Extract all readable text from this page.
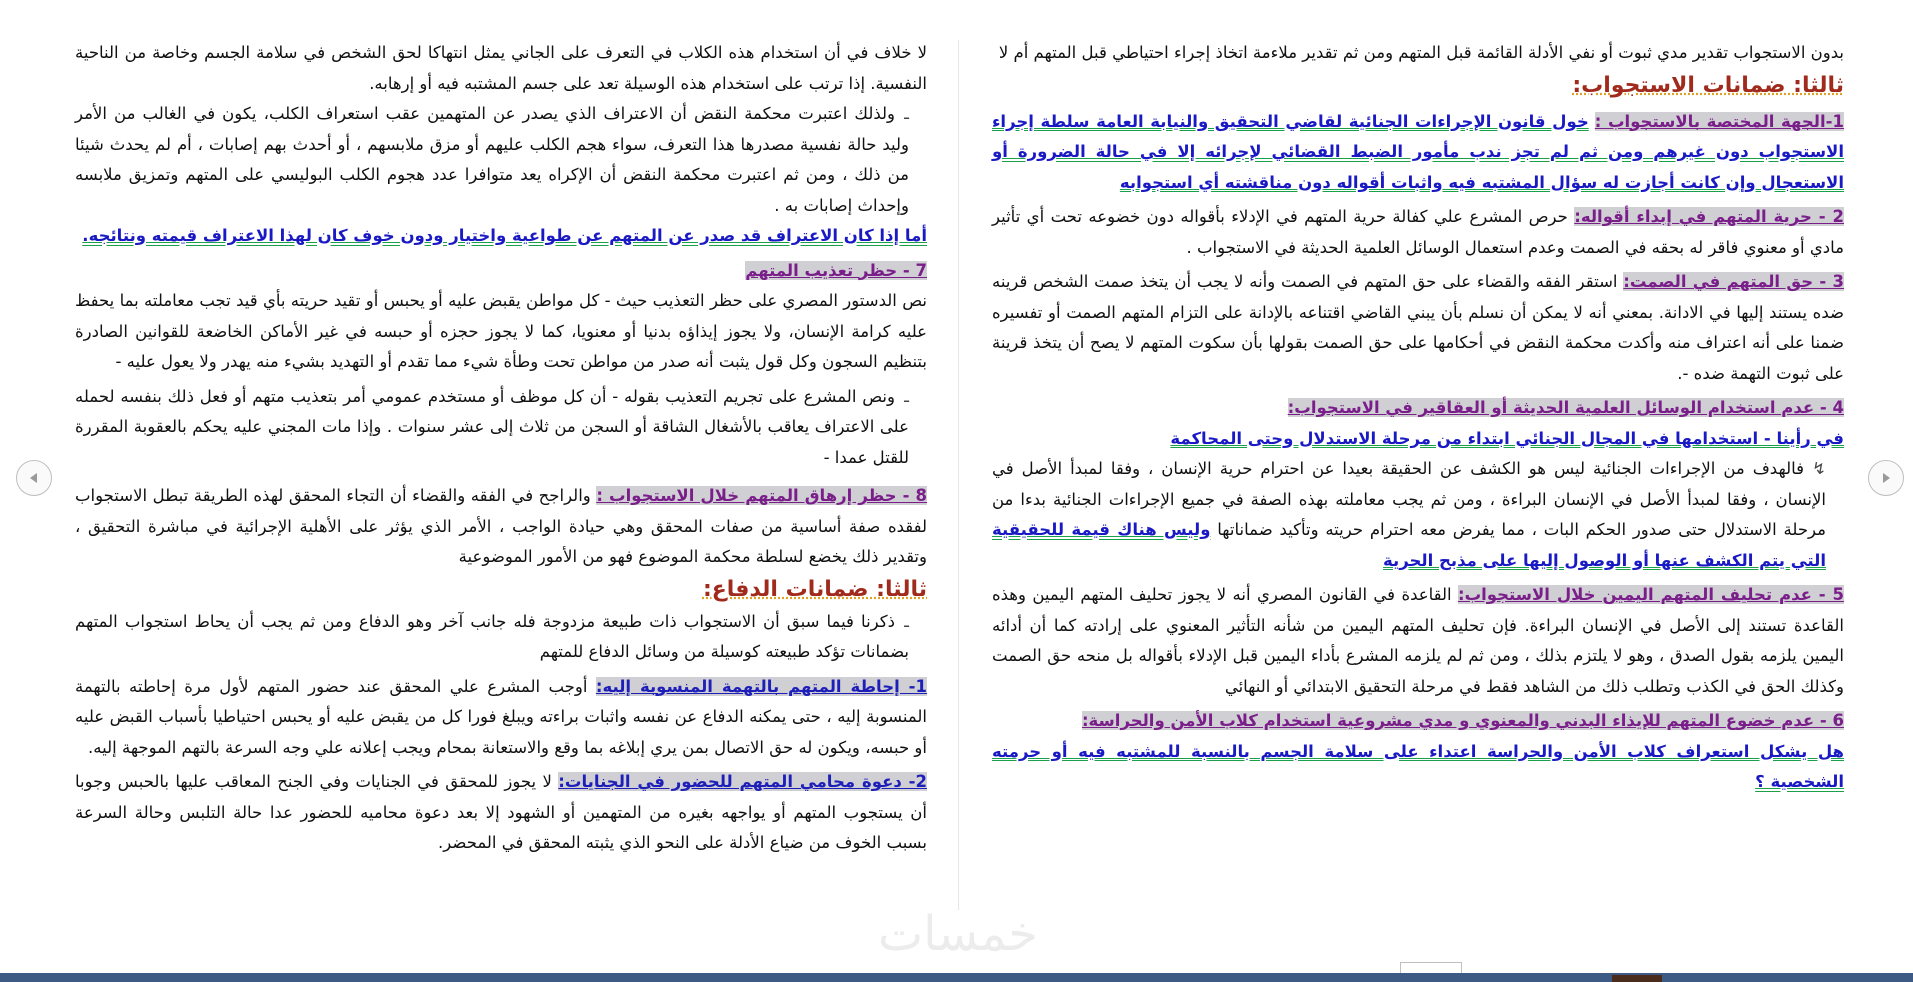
بدون الاستجواب تقدير مدي ثبوت أو نفي الأدلة القائمة قبل المتهم ومن ثم تقدير ملاءمة اتخاذ إجراء احتياطي قبل المتهم أم لا

ثالثا: ضمانات الاستجواب:

1-الجهة المختصة بالاستجواب : خول قانون الإجراءات الجنائية لقاضي التحقيق والنيابة العامة سلطة إجراء الاستجواب دون غيرهم ومن ثم لم تجز ندب مأمور الضبط القضائي لإجرائه إلا في حالة الضرورة أو الاستعجال وإن كانت أجازت له سؤال المشتبه فيه واثبات أقواله دون مناقشته أي استجوابه

2 - حرية المتهم في إبداء أقواله: حرص المشرع علي كفالة حرية المتهم في الإدلاء بأقواله دون خضوعه تحت أي تأثير مادي أو معنوي فاقر له بحقه في الصمت وعدم استعمال الوسائل العلمية الحديثة في الاستجواب .

3 - حق المتهم في الصمت: استقر الفقه والقضاء على حق المتهم في الصمت وأنه لا يجب أن يتخذ صمت الشخص قرينه ضده يستند إليها في الادانة. بمعني أنه لا يمكن أن نسلم بأن يبني القاضي اقتناعه بالإدانة على التزام المتهم الصمت أو تفسيره ضمنا على أنه اعتراف منه وأكدت محكمة النقض في أحكامها على حق الصمت بقولها بأن سكوت المتهم لا يصح أن يتخذ قرينة على ثبوت التهمة ضده -.

4 - عدم استخدام الوسائل العلمية الحديثة أو العقاقير في الاستجواب:

في رأينا - استخدامها في المجال الجنائي ابتداء من مرحلة الاستدلال وحتى المحاكمة

↯ فالهدف من الإجراءات الجنائية ليس هو الكشف عن الحقيقة بعيدا عن احترام حرية الإنسان ، وفقا لمبدأ الأصل في الإنسان ، وفقا لمبدأ الأصل في الإنسان البراءة ، ومن ثم يجب معاملته بهذه الصفة في جميع الإجراءات الجنائية بدءا من مرحلة الاستدلال حتى صدور الحكم البات ، مما يفرض معه احترام حريته وتأكيد ضماناتها وليس هناك قيمة للحقيقية التي يتم الكشف عنها أو الوصول إليها على مذبح الحرية

5 - عدم تحليف المتهم اليمين خلال الاستجواب: القاعدة في القانون المصري أنه لا يجوز تحليف المتهم اليمين وهذه القاعدة تستند إلى الأصل في الإنسان البراءة. فإن تحليف المتهم اليمين من شأنه التأثير المعنوي على إرادته كما أن أدائه اليمين يلزمه بقول الصدق ، وهو لا يلتزم بذلك ، ومن ثم لم يلزمه المشرع بأداء اليمين قبل الإدلاء بأقواله بل منحه حق الصمت وكذلك الحق في الكذب وتطلب ذلك من الشاهد فقط في مرحلة التحقيق الابتدائي أو النهائي

6 - عدم خضوع المتهم للإيذاء البدني والمعنوي و مدي مشروعية استخدام كلاب الأمن والحراسة:

هل يشكل استعراف كلاب الأمن والحراسة اعتداء على سلامة الجسم بالنسبة للمشتبه فيه أو حرمته الشخصية ؟

لا خلاف في أن استخدام هذه الكلاب في التعرف على الجاني يمثل انتهاكا لحق الشخص في سلامة الجسم وخاصة من الناحية النفسية. إذا ترتب على استخدام هذه الوسيلة تعد على جسم المشتبه فيه أو إرهابه.

ـولذلك اعتبرت محكمة النقض أن الاعتراف الذي يصدر عن المتهمين عقب استعراف الكلب، يكون في الغالب من الأمر وليد حالة نفسية مصدرها هذا التعرف، سواء هجم الكلب عليهم أو مزق ملابسهم ، أو أحدث بهم إصابات ، أم لم يحدث شيئا من ذلك ، ومن ثم اعتبرت محكمة النقض أن الإكراه يعد متوافرا عدد هجوم الكلب البوليسي على المتهم وتمزيق ملابسه وإحداث إصابات به .

أما إذا كان الاعتراف قد صدر عن المتهم عن طواعية واختيار ودون خوف كان لهذا الاعتراف قيمته ونتائجه.

7 - حظر تعذيب المتهم

نص الدستور المصري على حظر التعذيب حيث - كل مواطن يقبض عليه أو يحبس أو تقيد حريته بأي قيد تجب معاملته بما يحفظ عليه كرامة الإنسان، ولا يجوز إيذاؤه بدنيا أو معنويا، كما لا يجوز حجزه أو حبسه في غير الأماكن الخاضعة للقوانين الصادرة بتنظيم السجون وكل قول يثبت أنه صدر من مواطن تحت وطأة شيء مما تقدم أو التهديد بشيء منه يهدر ولا يعول عليه -

ـونص المشرع على تجريم التعذيب بقوله - أن كل موظف أو مستخدم عمومي أمر بتعذيب متهم أو فعل ذلك بنفسه لحمله على الاعتراف يعاقب بالأشغال الشاقة أو السجن من ثلاث إلى عشر سنوات . وإذا مات المجني عليه يحكم بالعقوبة المقررة للقتل عمدا -

8 - حظر إرهاق المتهم خلال الاستجواب : والراجح في الفقه والقضاء أن التجاء المحقق لهذه الطريقة تبطل الاستجواب لفقده صفة أساسية من صفات المحقق وهي حيادة الواجب ، الأمر الذي يؤثر على الأهلية الإجرائية في مباشرة التحقيق ، وتقدير ذلك يخضع لسلطة محكمة الموضوع فهو من الأمور الموضوعية

ثالثا: ضمانات الدفاع:

ـذكرنا فيما سبق أن الاستجواب ذات طبيعة مزدوجة فله جانب آخر وهو الدفاع ومن ثم يجب أن يحاط استجواب المتهم بضمانات تؤكد طبيعته كوسيلة من وسائل الدفاع للمتهم

1- إحاطة المتهم بالتهمة المنسوبة إليه: أوجب المشرع علي المحقق عند حضور المتهم لأول مرة إحاطته بالتهمة المنسوبة إليه ، حتى يمكنه الدفاع عن نفسه واثبات براءته ويبلغ فورا كل من يقبض عليه أو يحبس احتياطيا بأسباب القبض عليه أو حبسه، ويكون له حق الاتصال بمن يري إبلاغه بما وقع والاستعانة بمحام ويجب إعلانه علي وجه السرعة بالتهم الموجهة إليه.

2- دعوة محامي المتهم للحضور في الجنايات: لا يجوز للمحقق في الجنايات وفي الجنح المعاقب عليها بالحبس وجوبا أن يستجوب المتهم أو يواجهه بغيره من المتهمين أو الشهود إلا بعد دعوة محاميه للحضور عدا حالة التلبس وحالة السرعة بسبب الخوف من ضياع الأدلة على النحو الذي يثبته المحقق في المحضر.

خمسات
